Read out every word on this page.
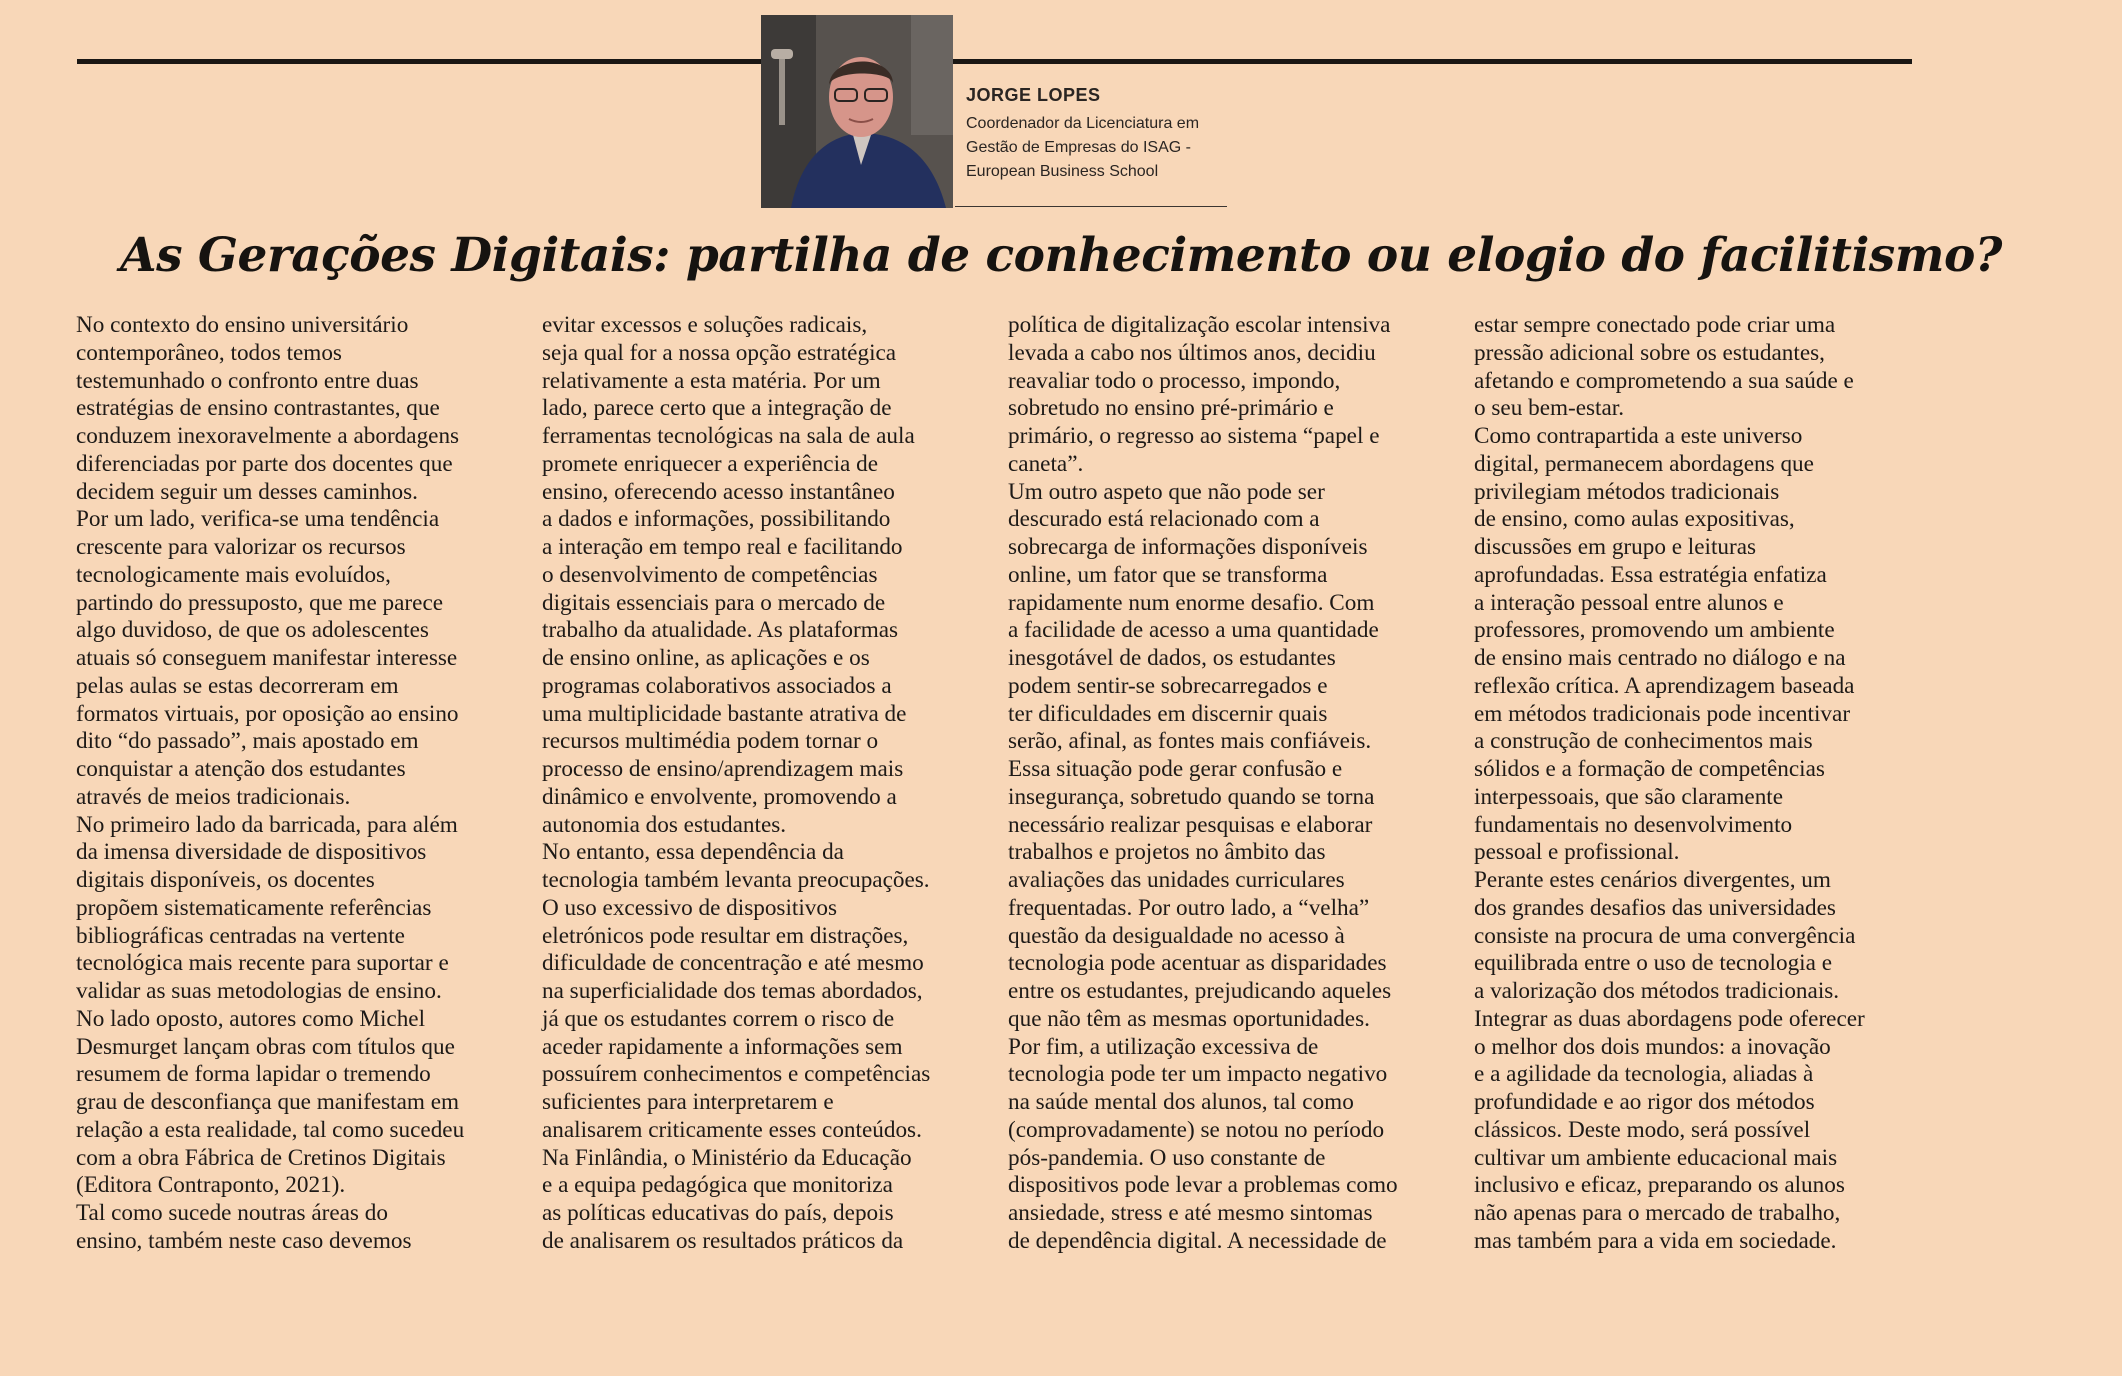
JORGE LOPES
Coordenador da Licenciatura em
Gestão de Empresas do ISAG -
European Business School
As Gerações Digitais: partilha de conhecimento ou elogio do facilitismo?

No contexto do ensino universitário
contemporâneo, todos temos
testemunhado o confronto entre duas
estratégias de ensino contrastantes, que
conduzem inexoravelmente a abordagens
diferenciadas por parte dos docentes que
decidem seguir um desses caminhos.

Por um lado, verifica-se uma tendência
crescente para valorizar os recursos
tecnologicamente mais evoluídos,
partindo do pressuposto, que me parece
algo duvidoso, de que os adolescentes
atuais só conseguem manifestar interesse
pelas aulas se estas decorreram em
formatos virtuais, por oposição ao ensino
dito “do passado”, mais apostado em
conquistar a atenção dos estudantes
através de meios tradicionais.

No primeiro lado da barricada, para além
da imensa diversidade de dispositivos
digitais disponíveis, os docentes
propõem sistematicamente referências
bibliográficas centradas na vertente
tecnológica mais recente para suportar e
validar as suas metodologias de ensino.

No lado oposto, autores como Michel
Desmurget lançam obras com títulos que
resumem de forma lapidar o tremendo
grau de desconfiança que manifestam em
relação a esta realidade, tal como sucedeu
com a obra Fábrica de Cretinos Digitais
(Editora Contraponto, 2021).

Tal como sucede noutras áreas do
ensino, também neste caso devemos

evitar excessos e soluções radicais,
seja qual for a nossa opção estratégica
relativamente a esta matéria. Por um
lado, parece certo que a integração de
ferramentas tecnológicas na sala de aula
promete enriquecer a experiência de
ensino, oferecendo acesso instantâneo
a dados e informações, possibilitando
a interação em tempo real e facilitando
o desenvolvimento de competências
digitais essenciais para o mercado de
trabalho da atualidade. As plataformas
de ensino online, as aplicações e os
programas colaborativos associados a
uma multiplicidade bastante atrativa de
recursos multimédia podem tornar o
processo de ensino/aprendizagem mais
dinâmico e envolvente, promovendo a
autonomia dos estudantes.

No entanto, essa dependência da
tecnologia também levanta preocupações.
O uso excessivo de dispositivos
eletrónicos pode resultar em distrações,
dificuldade de concentração e até mesmo
na superficialidade dos temas abordados,
já que os estudantes correm o risco de
aceder rapidamente a informações sem
possuírem conhecimentos e competências
suficientes para interpretarem e
analisarem criticamente esses conteúdos.

Na Finlândia, o Ministério da Educação
e a equipa pedagógica que monitoriza
as políticas educativas do país, depois
de analisarem os resultados práticos da

política de digitalização escolar intensiva
levada a cabo nos últimos anos, decidiu
reavaliar todo o processo, impondo,
sobretudo no ensino pré-primário e
primário, o regresso ao sistema “papel e
caneta”.

Um outro aspeto que não pode ser
descurado está relacionado com a
sobrecarga de informações disponíveis
online, um fator que se transforma
rapidamente num enorme desafio. Com
a facilidade de acesso a uma quantidade
inesgotável de dados, os estudantes
podem sentir-se sobrecarregados e
ter dificuldades em discernir quais
serão, afinal, as fontes mais confiáveis.
Essa situação pode gerar confusão e
insegurança, sobretudo quando se torna
necessário realizar pesquisas e elaborar
trabalhos e projetos no âmbito das
avaliações das unidades curriculares
frequentadas. Por outro lado, a “velha”
questão da desigualdade no acesso à
tecnologia pode acentuar as disparidades
entre os estudantes, prejudicando aqueles
que não têm as mesmas oportunidades.

Por fim, a utilização excessiva de
tecnologia pode ter um impacto negativo
na saúde mental dos alunos, tal como
(comprovadamente) se notou no período
pós-pandemia. O uso constante de
dispositivos pode levar a problemas como
ansiedade, stress e até mesmo sintomas
de dependência digital. A necessidade de

estar sempre conectado pode criar uma
pressão adicional sobre os estudantes,
afetando e comprometendo a sua saúde e
o seu bem-estar.

Como contrapartida a este universo
digital, permanecem abordagens que
privilegiam métodos tradicionais
de ensino, como aulas expositivas,
discussões em grupo e leituras
aprofundadas. Essa estratégia enfatiza
a interação pessoal entre alunos e
professores, promovendo um ambiente
de ensino mais centrado no diálogo e na
reflexão crítica. A aprendizagem baseada
em métodos tradicionais pode incentivar
a construção de conhecimentos mais
sólidos e a formação de competências
interpessoais, que são claramente
fundamentais no desenvolvimento
pessoal e profissional.

Perante estes cenários divergentes, um
dos grandes desafios das universidades
consiste na procura de uma convergência
equilibrada entre o uso de tecnologia e
a valorização dos métodos tradicionais.
Integrar as duas abordagens pode oferecer
o melhor dos dois mundos: a inovação
e a agilidade da tecnologia, aliadas à
profundidade e ao rigor dos métodos
clássicos. Deste modo, será possível
cultivar um ambiente educacional mais
inclusivo e eficaz, preparando os alunos
não apenas para o mercado de trabalho,
mas também para a vida em sociedade.
